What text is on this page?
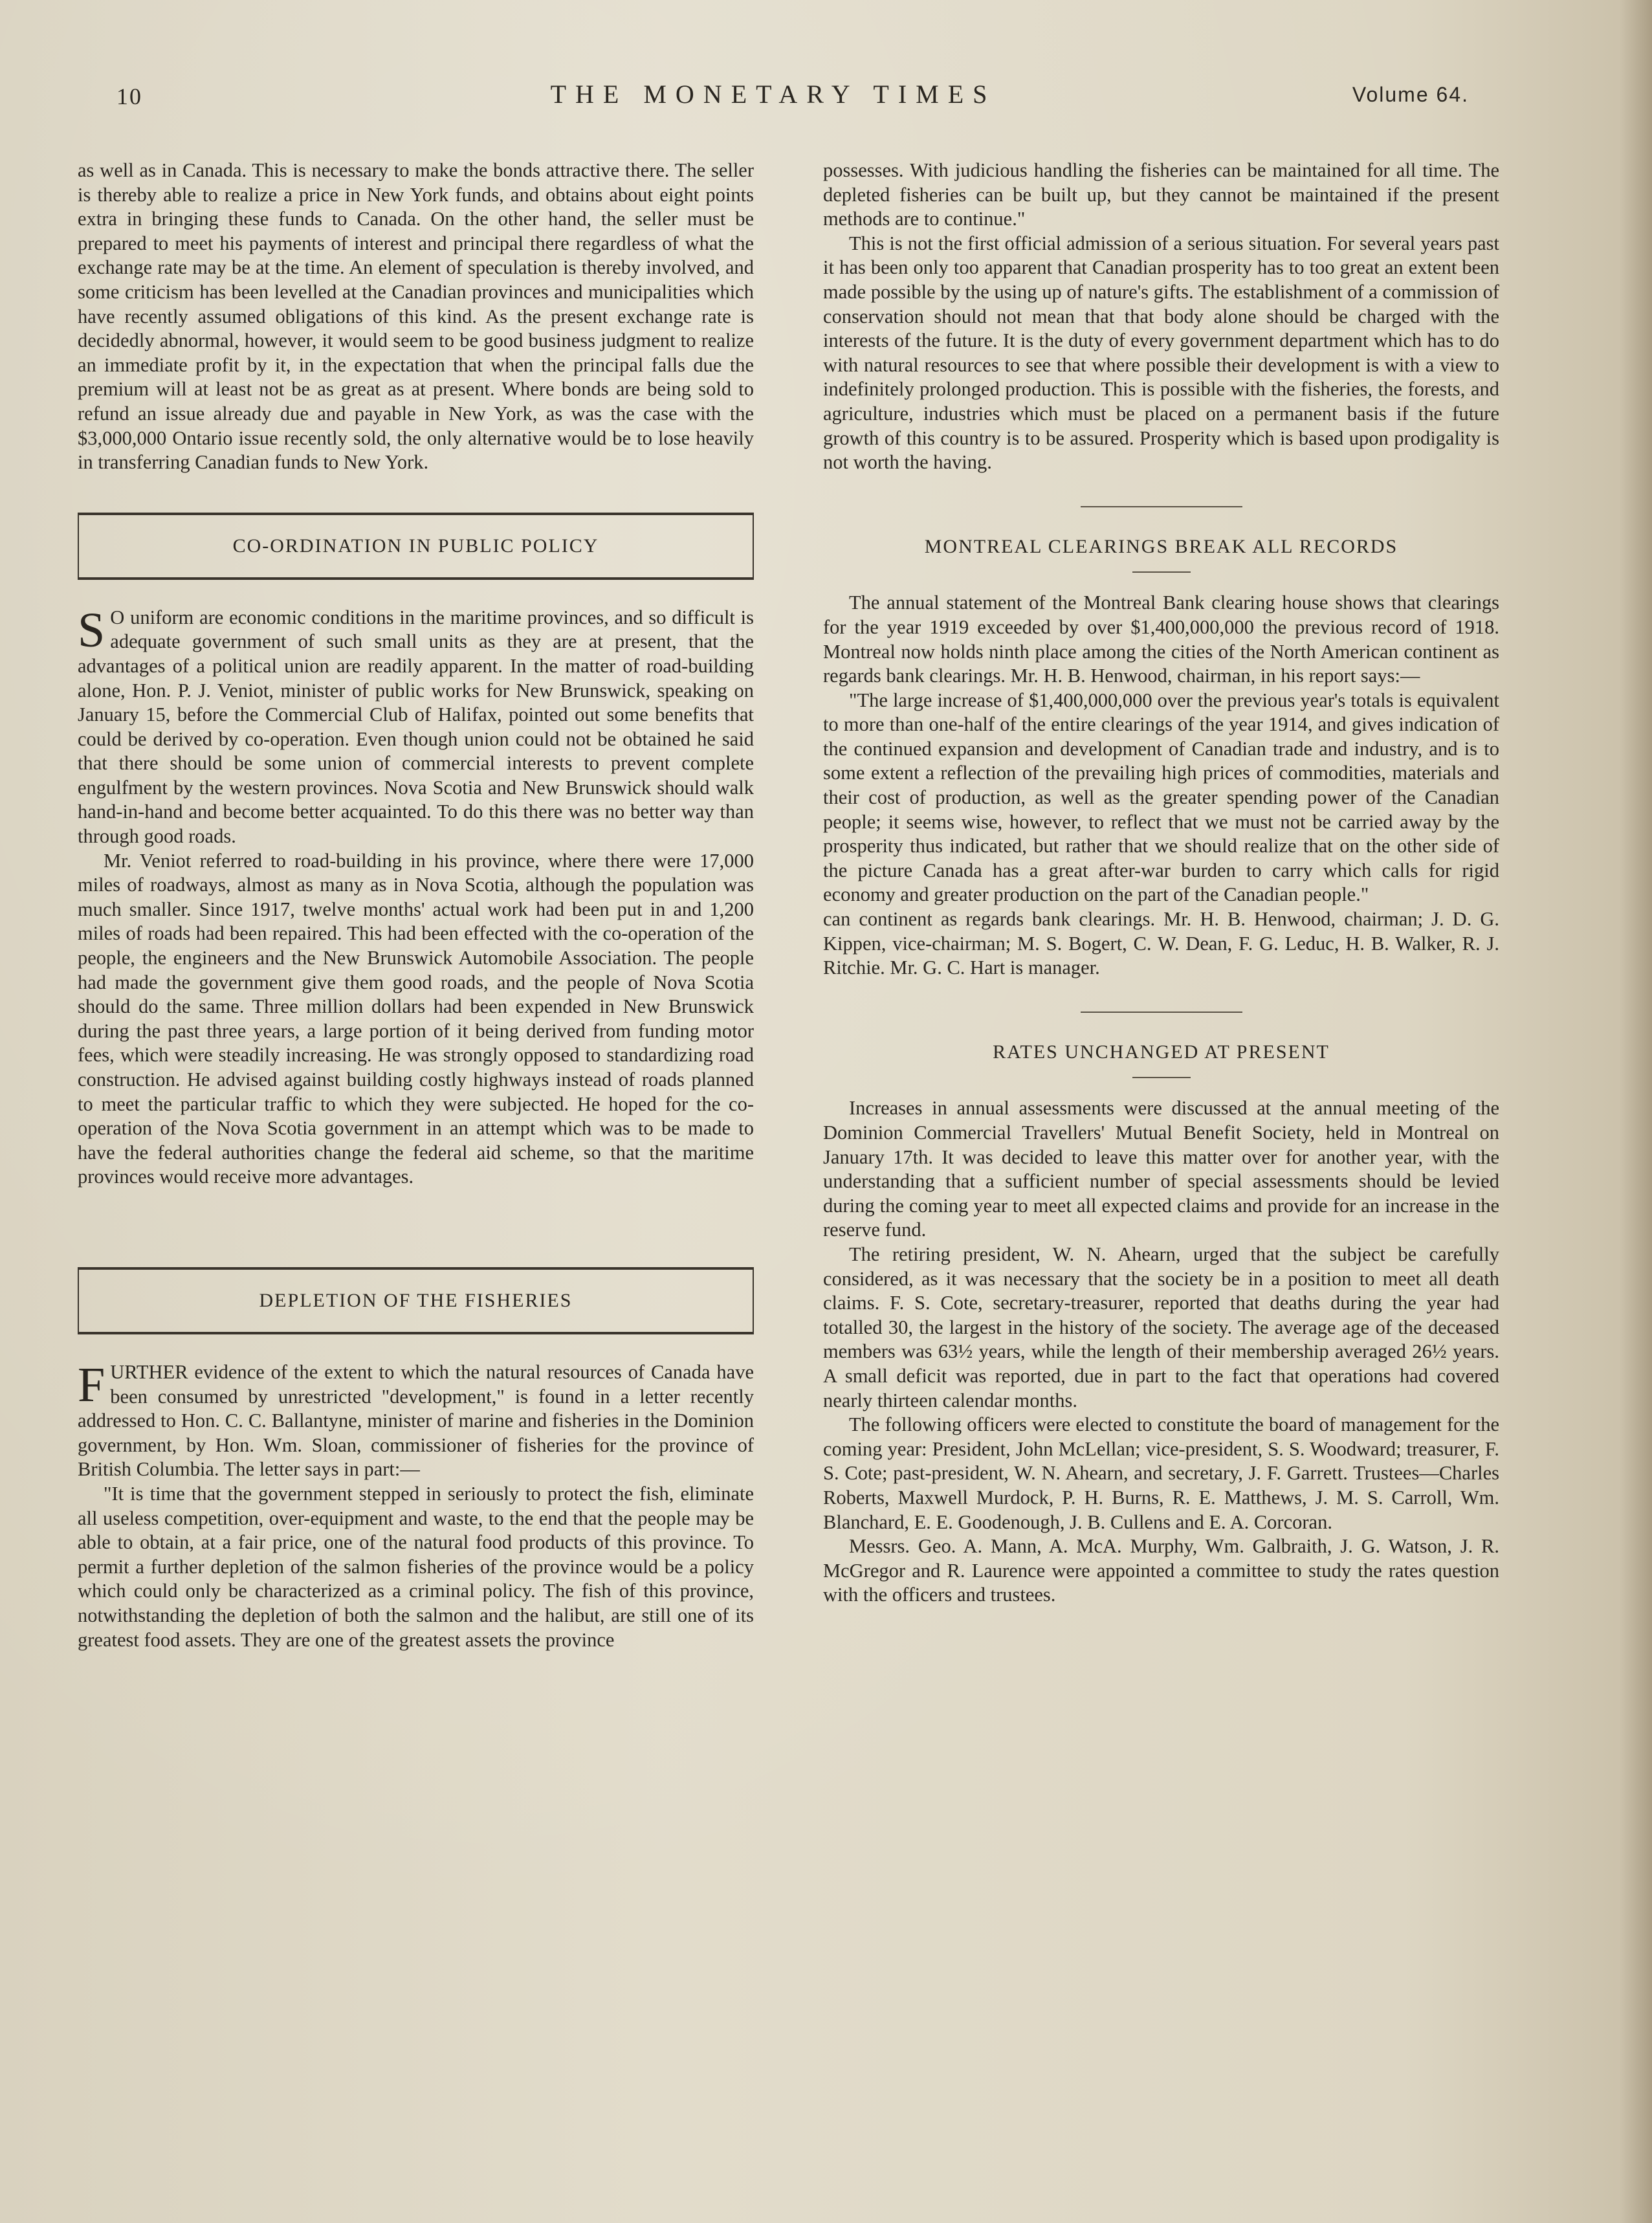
10	THE MONETARY TIMES	Volume 64.

as well as in Canada. This is necessary to make the bonds attractive there. The seller is thereby able to realize a price in New York funds, and obtains about eight points extra in bringing these funds to Canada. On the other hand, the seller must be prepared to meet his payments of interest and principal there regardless of what the exchange rate may be at the time. An element of speculation is thereby involved, and some criticism has been levelled at the Canadian provinces and municipalities which have recently assumed obligations of this kind. As the present exchange rate is decidedly abnormal, however, it would seem to be good business judgment to realize an immediate profit by it, in the expectation that when the principal falls due the premium will at least not be as great as at present. Where bonds are being sold to refund an issue already due and payable in New York, as was the case with the $3,000,000 Ontario issue recently sold, the only alternative would be to lose heavily in transferring Canadian funds to New York.

CO-ORDINATION IN PUBLIC POLICY

S O uniform are economic conditions in the maritime provinces, and so difficult is adequate government of such small units as they are at present, that the advantages of a political union are readily apparent. In the matter of road-building alone, Hon. P. J. Veniot, minister of public works for New Brunswick, speaking on January 15, before the Commercial Club of Halifax, pointed out some benefits that could be derived by co-operation. Even though union could not be obtained he said that there should be some union of commercial interests to prevent complete engulfment by the western provinces. Nova Scotia and New Brunswick should walk hand-in-hand and become better acquainted. To do this there was no better way than through good roads.

Mr. Veniot referred to road-building in his province, where there were 17,000 miles of roadways, almost as many as in Nova Scotia, although the population was much smaller. Since 1917, twelve months' actual work had been put in and 1,200 miles of roads had been repaired. This had been effected with the co-operation of the people, the engineers and the New Brunswick Automobile Association. The people had made the government give them good roads, and the people of Nova Scotia should do the same. Three million dollars had been expended in New Brunswick during the past three years, a large portion of it being derived from funding motor fees, which were steadily increasing. He was strongly opposed to standardizing road construction. He advised against building costly highways instead of roads planned to meet the particular traffic to which they were subjected. He hoped for the co-operation of the Nova Scotia government in an attempt which was to be made to have the federal authorities change the federal aid scheme, so that the maritime provinces would receive more advantages.

DEPLETION OF THE FISHERIES

FURTHER evidence of the extent to which the natural resources of Canada have been consumed by unrestricted "development," is found in a letter recently addressed to Hon. C. C. Ballantyne, minister of marine and fisheries in the Dominion government, by Hon. Wm. Sloan, commissioner of fisheries for the province of British Columbia. The letter says in part:—

"It is time that the government stepped in seriously to protect the fish, eliminate all useless competition, over-equipment and waste, to the end that the people may be able to obtain, at a fair price, one of the natural food products of this province. To permit a further depletion of the salmon fisheries of the province would be a policy which could only be characterized as a criminal policy. The fish of this province, notwithstanding the depletion of both the salmon and the halibut, are still one of its greatest food assets. They are one of the greatest assets the province

possesses. With judicious handling the fisheries can be maintained for all time. The depleted fisheries can be built up, but they cannot be maintained if the present methods are to continue."

This is not the first official admission of a serious situation. For several years past it has been only too apparent that Canadian prosperity has to too great an extent been made possible by the using up of nature's gifts. The establishment of a commission of conservation should not mean that that body alone should be charged with the interests of the future. It is the duty of every government department which has to do with natural resources to see that where possible their development is with a view to indefinitely prolonged production. This is possible with the fisheries, the forests, and agriculture, industries which must be placed on a permanent basis if the future growth of this country is to be assured. Prosperity which is based upon prodigality is not worth the having.

MONTREAL CLEARINGS BREAK ALL RECORDS

The annual statement of the Montreal Bank clearing house shows that clearings for the year 1919 exceeded by over $1,400,000,000 the previous record of 1918. Montreal now holds ninth place among the cities of the North American continent as regards bank clearings. Mr. H. B. Henwood, chairman, in his report says:—

"The large increase of $1,400,000,000 over the previous year's totals is equivalent to more than one-half of the entire clearings of the year 1914, and gives indication of the continued expansion and development of Canadian trade and industry, and is to some extent a reflection of the prevailing high prices of commodities, materials and their cost of production, as well as the greater spending power of the Canadian people; it seems wise, however, to reflect that we must not be carried away by the prosperity thus indicated, but rather that we should realize that on the other side of the picture Canada has a great after-war burden to carry which calls for rigid economy and greater production on the part of the Canadian people."

can continent as regards bank clearings. Mr. H. B. Henwood, chairman; J. D. G. Kippen, vice-chairman; M. S. Bogert, C. W. Dean, F. G. Leduc, H. B. Walker, R. J. Ritchie. Mr. G. C. Hart is manager.

RATES UNCHANGED AT PRESENT

Increases in annual assessments were discussed at the annual meeting of the Dominion Commercial Travellers' Mutual Benefit Society, held in Montreal on January 17th. It was decided to leave this matter over for another year, with the understanding that a sufficient number of special assessments should be levied during the coming year to meet all expected claims and provide for an increase in the reserve fund.

The retiring president, W. N. Ahearn, urged that the subject be carefully considered, as it was necessary that the society be in a position to meet all death claims. F. S. Cote, secretary-treasurer, reported that deaths during the year had totalled 30, the largest in the history of the society. The average age of the deceased members was 63½ years, while the length of their membership averaged 26½ years. A small deficit was reported, due in part to the fact that operations had covered nearly thirteen calendar months.

The following officers were elected to constitute the board of management for the coming year: President, John McLellan; vice-president, S. S. Woodward; treasurer, F. S. Cote; past-president, W. N. Ahearn, and secretary, J. F. Garrett. Trustees—Charles Roberts, Maxwell Murdock, P. H. Burns, R. E. Matthews, J. M. S. Carroll, Wm. Blanchard, E. E. Goodenough, J. B. Cullens and E. A. Corcoran.

Messrs. Geo. A. Mann, A. McA. Murphy, Wm. Galbraith, J. G. Watson, J. R. McGregor and R. Laurence were appointed a committee to study the rates question with the officers and trustees.
